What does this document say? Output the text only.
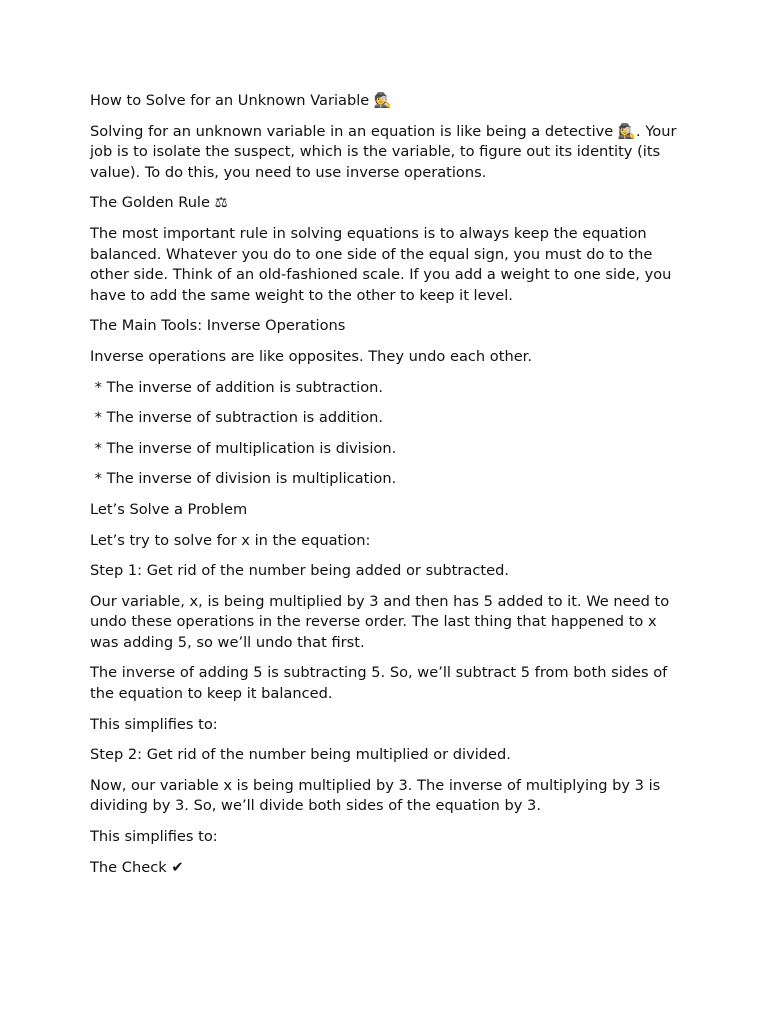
How to Solve for an Unknown Variable 🕵

Solving for an unknown variable in an equation is like being a detective 🕵‍♀. Your job is to isolate the suspect, which is the variable, to figure out its identity (its value). To do this, you need to use inverse operations.

The Golden Rule ⚖

The most important rule in solving equations is to always keep the equation balanced. Whatever you do to one side of the equal sign, you must do to the other side. Think of an old-fashioned scale. If you add a weight to one side, you have to add the same weight to the other to keep it level.

The Main Tools: Inverse Operations

Inverse operations are like opposites. They undo each other.

* The inverse of addition is subtraction.

* The inverse of subtraction is addition.

* The inverse of multiplication is division.

* The inverse of division is multiplication.

Let’s Solve a Problem

Let’s try to solve for x in the equation:

Step 1: Get rid of the number being added or subtracted.

Our variable, x, is being multiplied by 3 and then has 5 added to it. We need to undo these operations in the reverse order. The last thing that happened to x was adding 5, so we’ll undo that first.

The inverse of adding 5 is subtracting 5. So, we’ll subtract 5 from both sides of the equation to keep it balanced.

This simplifies to:

Step 2: Get rid of the number being multiplied or divided.

Now, our variable x is being multiplied by 3. The inverse of multiplying by 3 is dividing by 3. So, we’ll divide both sides of the equation by 3.

This simplifies to:

The Check ✔
